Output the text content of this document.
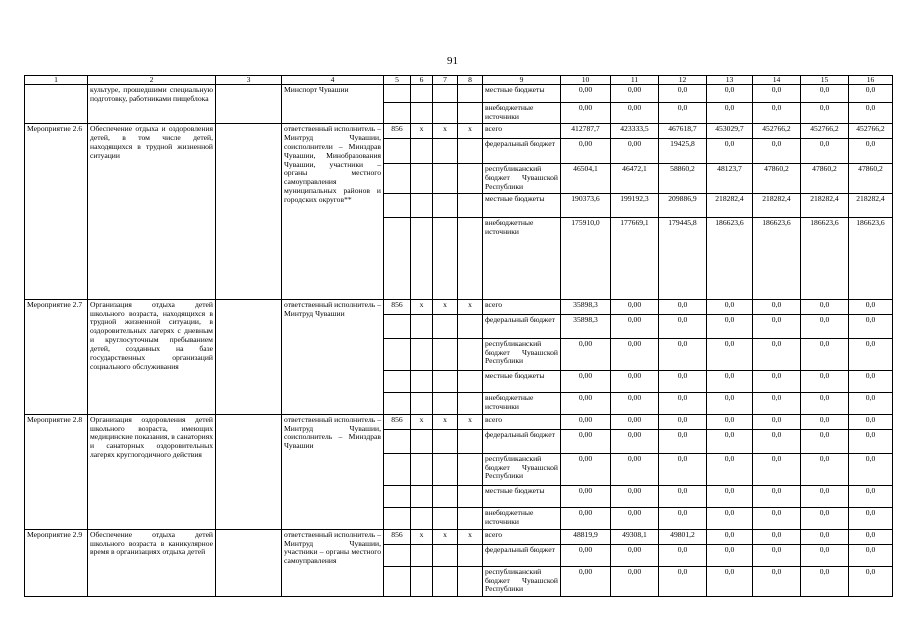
91
1	2	3	4	5	6	7	8	9	10	11	12	13	14	15	16
	культуре, прошедшими специальную подготовку, работниками пищеблока		Минспорт Чувашии					местные бюджеты	0,00	0,00	0,0	0,0	0,0	0,0	0,0
								внебюджетные источники	0,00	0,00	0,0	0,0	0,0	0,0	0,0
Мероприятие 2.6	Обеспечение отдыха и оздоровления детей, в том числе детей, находящихся в трудной жизненной ситуации		ответственный исполнитель – Минтруд Чувашии, соисполнители – Минздрав Чувашии, Минобразования Чувашии, участники – органы местного самоуправления муниципальных районов и городских округов**	856	x	x	x	всего	412787,7	423333,5	467618,7	453029,7	452766,2	452766,2	452766,2
								федеральный бюджет	0,00	0,00	19425,8	0,0	0,0	0,0	0,0
								республиканский бюджет Чувашской Республики	46504,1	46472,1	58860,2	48123,7	47860,2	47860,2	47860,2
								местные бюджеты	190373,6	199192,3	209886,9	218282,4	218282,4	218282,4	218282,4
								внебюджетные источники	175910,0	177669,1	179445,8	186623,6	186623,6	186623,6	186623,6
Мероприятие 2.7	Организация отдыха детей школьного возраста, находящихся в трудной жизненной ситуации, в оздоровительных лагерях с дневным и круглосуточным пребыванием детей, созданных на базе государственных организаций социального обслуживания		ответственный исполнитель – Минтруд Чувашии	856	x	x	x	всего	35898,3	0,00	0,0	0,0	0,0	0,0	0,0
								федеральный бюджет	35898,3	0,00	0,0	0,0	0,0	0,0	0,0
								республиканский бюджет Чувашской Республики	0,00	0,00	0,0	0,0	0,0	0,0	0,0
								местные бюджеты	0,00	0,00	0,0	0,0	0,0	0,0	0,0
								внебюджетные источники	0,00	0,00	0,0	0,0	0,0	0,0	0,0
Мероприятие 2.8	Организация оздоровления детей школьного возраста, имеющих медицинские показания, в санаториях и санаторных оздоровительных лагерях круглогодичного действия		ответственный исполнитель – Минтруд Чувашии, соисполнитель – Минздрав Чувашии	856	x	x	x	всего	0,00	0,00	0,0	0,0	0,0	0,0	0,0
								федеральный бюджет	0,00	0,00	0,0	0,0	0,0	0,0	0,0
								республиканский бюджет Чувашской Республики	0,00	0,00	0,0	0,0	0,0	0,0	0,0
								местные бюджеты	0,00	0,00	0,0	0,0	0,0	0,0	0,0
								внебюджетные источники	0,00	0,00	0,0	0,0	0,0	0,0	0,0
Мероприятие 2.9	Обеспечение отдыха детей школьного возраста в каникулярное время в организациях отдыха детей		ответственный исполнитель – Минтруд Чувашии, участники – органы местного самоуправления	856	x	x	x	всего	48819,9	49308,1	49801,2	0,0	0,0	0,0	0,0
								федеральный бюджет	0,00	0,00	0,0	0,0	0,0	0,0	0,0
								республиканский бюджет Чувашской Республики	0,00	0,00	0,0	0,0	0,0	0,0	0,0
